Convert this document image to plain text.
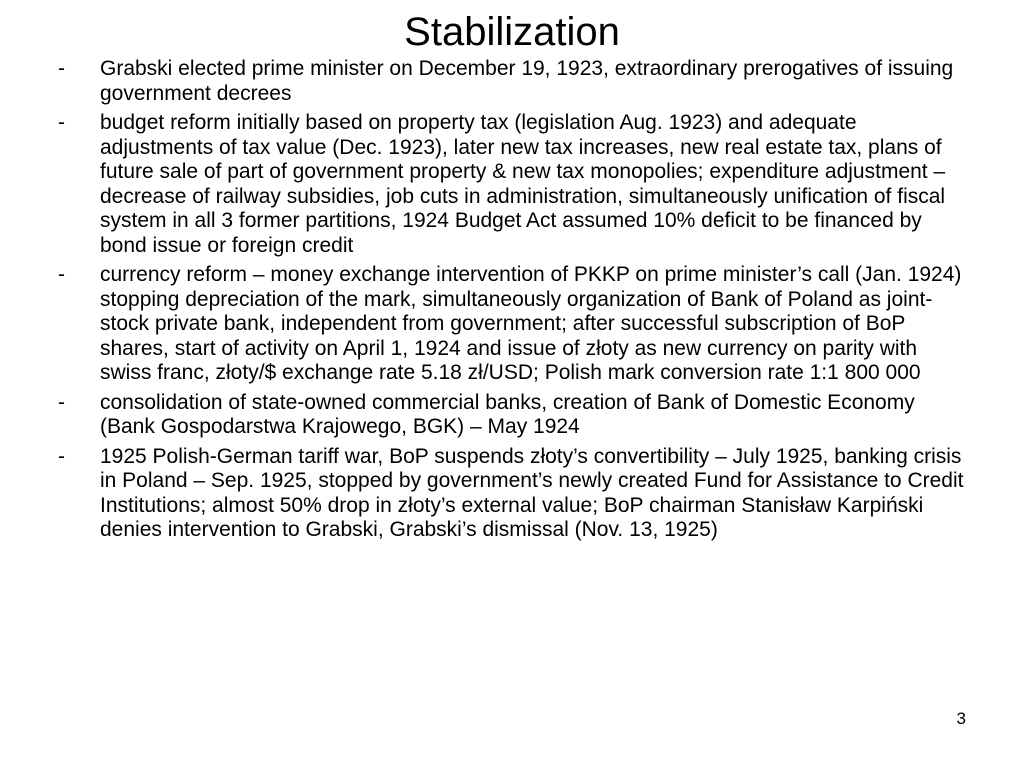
Stabilization
-	Grabski elected prime minister on December 19, 1923, extraordinary prerogatives of issuing government decrees
-	budget reform initially based on property tax (legislation Aug. 1923) and adequate adjustments of tax value (Dec. 1923), later new tax increases, new real estate tax, plans of future sale of part of government property & new tax monopolies; expenditure adjustment – decrease of railway subsidies, job cuts in administration, simultaneously unification of fiscal system in all 3 former partitions, 1924 Budget Act assumed 10% deficit to be financed by bond issue or foreign credit
-	currency reform – money exchange intervention of PKKP on prime minister’s call (Jan. 1924) stopping depreciation of the mark, simultaneously organization of Bank of Poland as joint-stock private bank, independent from government; after successful subscription of BoP shares, start of activity on April 1, 1924 and issue of złoty as new currency on parity with swiss franc, złoty/$ exchange rate 5.18 zł/USD; Polish mark conversion rate 1:1 800 000
-	consolidation of state-owned commercial banks, creation of Bank of Domestic Economy (Bank Gospodarstwa Krajowego, BGK) – May 1924
-	1925 Polish-German tariff war, BoP suspends złoty’s convertibility – July 1925, banking crisis in Poland – Sep. 1925, stopped by government’s newly created Fund for Assistance to Credit Institutions; almost 50% drop in złoty’s external value; BoP chairman Stanisław Karpiński denies intervention to Grabski, Grabski’s dismissal (Nov. 13, 1925)
3
